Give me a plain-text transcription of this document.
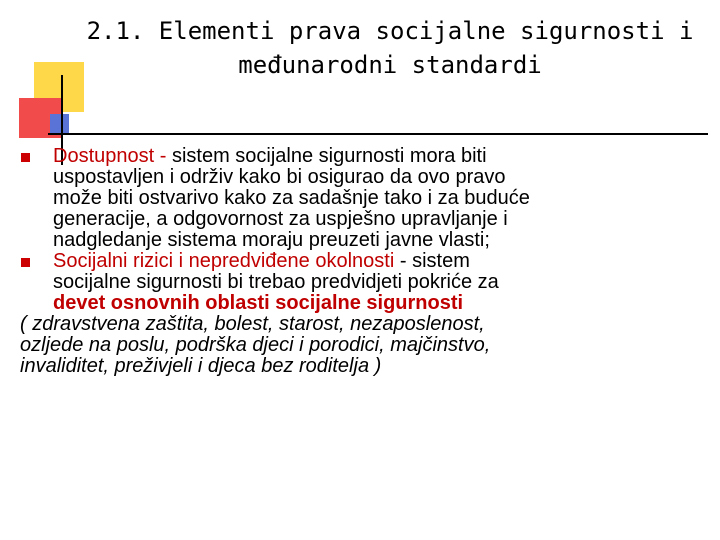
2.1. Elementi prava socijalne sigurnosti i
međunarodni standardi
Dostupnost - sistem socijalne sigurnosti mora biti
uspostavljen i održiv kako bi osigurao da ovo pravo
može biti ostvarivo kako za sadašnje tako i za buduće
generacije, a odgovornost za uspješno upravljanje i
nadgledanje sistema moraju preuzeti javne vlasti;
Socijalni rizici i nepredviđene okolnosti - sistem
socijalne sigurnosti bi trebao predvidjeti pokriće za
devet osnovnih oblasti socijalne sigurnosti
( zdravstvena zaštita, bolest, starost, nezaposlenost,
ozljede na poslu, podrška djeci i porodici, majčinstvo,
invaliditet, preživjeli i djeca bez roditelja )
